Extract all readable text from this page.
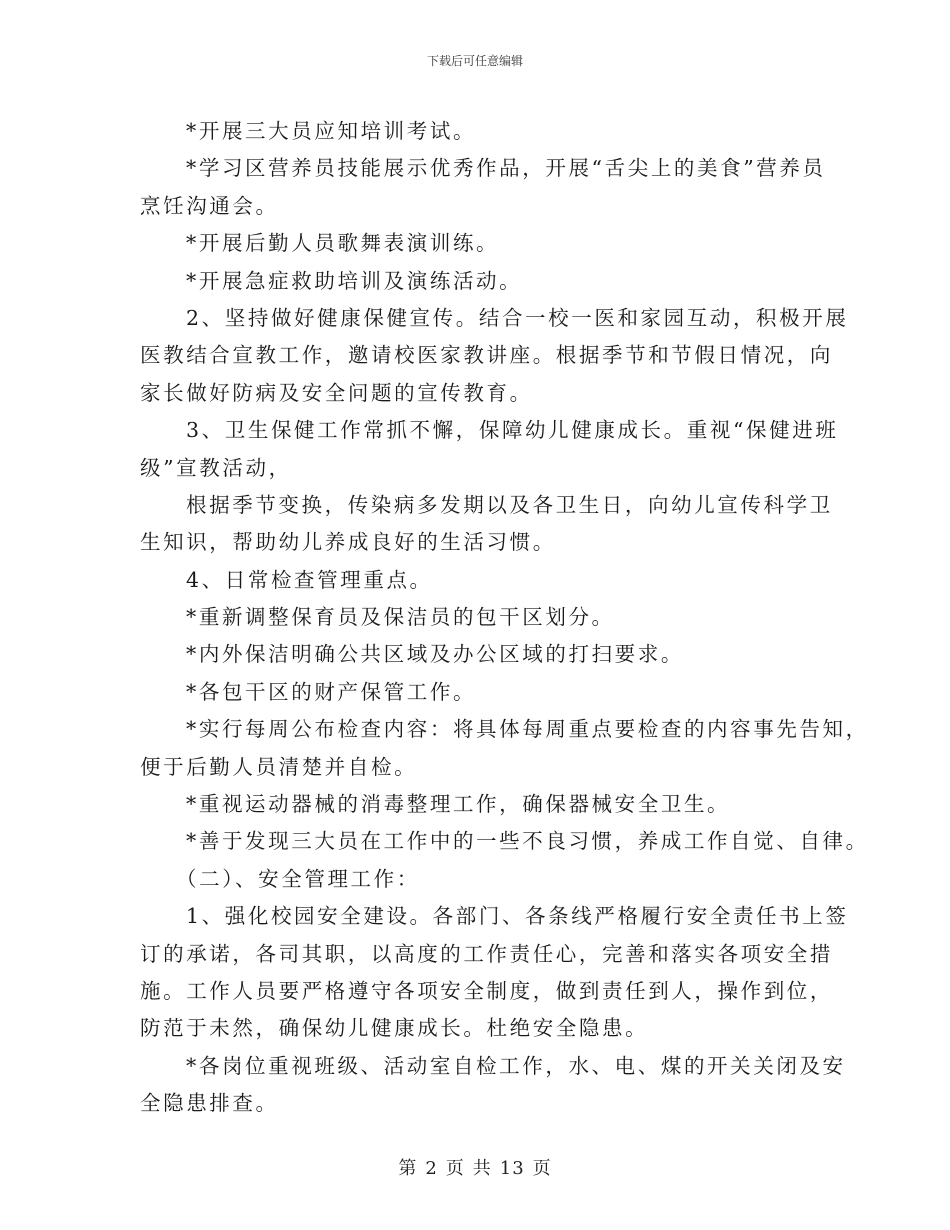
下载后可任意编辑
*开展三大员应知培训考试。
*学习区营养员技能展示优秀作品，开展“舌尖上的美食”营养员
烹饪沟通会。
*开展后勤人员歌舞表演训练。
*开展急症救助培训及演练活动。
2、坚持做好健康保健宣传。结合一校一医和家园互动，积极开展
医教结合宣教工作，邀请校医家教讲座。根据季节和节假日情况，向
家长做好防病及安全问题的宣传教育。
3、卫生保健工作常抓不懈，保障幼儿健康成长。重视“保健进班
级”宣教活动，
根据季节变换，传染病多发期以及各卫生日，向幼儿宣传科学卫
生知识，帮助幼儿养成良好的生活习惯。
4、日常检查管理重点。
*重新调整保育员及保洁员的包干区划分。
*内外保洁明确公共区域及办公区域的打扫要求。
*各包干区的财产保管工作。
*实行每周公布检查内容：将具体每周重点要检查的内容事先告知，
便于后勤人员清楚并自检。
*重视运动器械的消毒整理工作，确保器械安全卫生。
*善于发现三大员在工作中的一些不良习惯，养成工作自觉、自律。
（二）、安全管理工作：
1、强化校园安全建设。各部门、各条线严格履行安全责任书上签
订的承诺，各司其职，以高度的工作责任心，完善和落实各项安全措
施。工作人员要严格遵守各项安全制度，做到责任到人，操作到位，
防范于未然，确保幼儿健康成长。杜绝安全隐患。
*各岗位重视班级、活动室自检工作，水、电、煤的开关关闭及安
全隐患排查。
第 2 页 共 13 页
